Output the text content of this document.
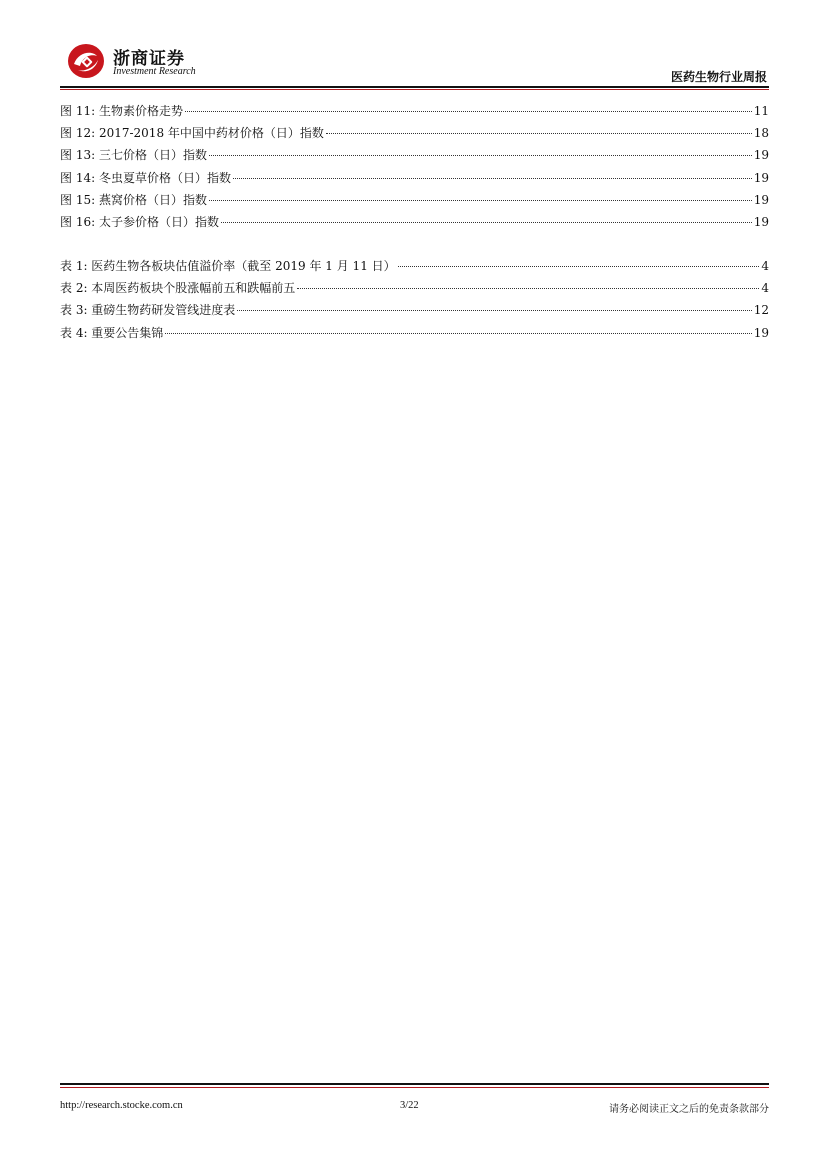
浙商证券
Investment Research	医药生物行业周报
图 11: 生物素价格走势	11
图 12: 2017-2018 年中国中药材价格（日）指数	18
图 13: 三七价格（日）指数	19
图 14: 冬虫夏草价格（日）指数	19
图 15: 燕窝价格（日）指数	19
图 16: 太子参价格（日）指数	19
表 1: 医药生物各板块估值溢价率（截至 2019 年 1 月 11 日）	4
表 2: 本周医药板块个股涨幅前五和跌幅前五	4
表 3: 重磅生物药研发管线进度表	12
表 4: 重要公告集锦	19
http://research.stocke.com.cn	3/22	请务必阅读正文之后的免责条款部分
